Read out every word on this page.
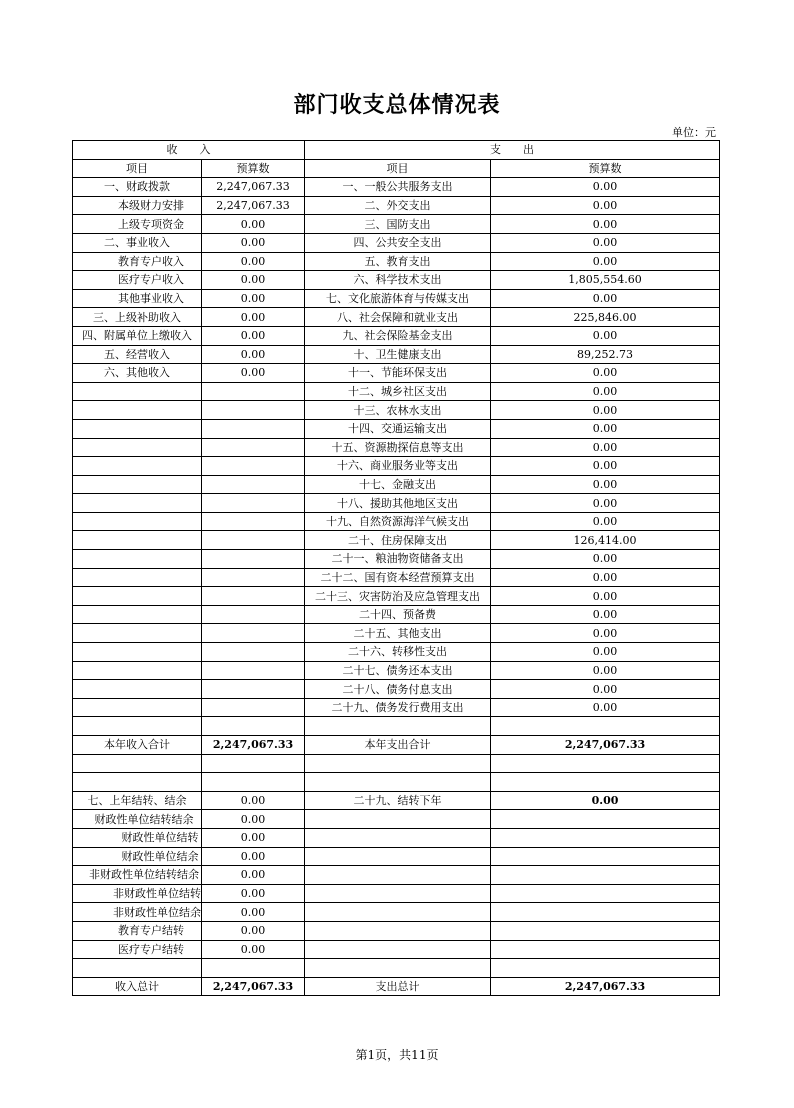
部门收支总体情况表
单位：元
收　　入		支　　出	
项目	预算数	项目	预算数
一、财政拨款	2,247,067.33	一、一般公共服务支出	0.00
本级财力安排	2,247,067.33	二、外交支出	0.00
上级专项资金	0.00	三、国防支出	0.00
二、事业收入	0.00	四、公共安全支出	0.00
教育专户收入	0.00	五、教育支出	0.00
医疗专户收入	0.00	六、科学技术支出	1,805,554.60
其他事业收入	0.00	七、文化旅游体育与传媒支出	0.00
三、上级补助收入	0.00	八、社会保障和就业支出	225,846.00
四、附属单位上缴收入	0.00	九、社会保险基金支出	0.00
五、经营收入	0.00	十、卫生健康支出	89,252.73
六、其他收入	0.00	十一、节能环保支出	0.00
		十二、城乡社区支出	0.00
		十三、农林水支出	0.00
		十四、交通运输支出	0.00
		十五、资源勘探信息等支出	0.00
		十六、商业服务业等支出	0.00
		十七、金融支出	0.00
		十八、援助其他地区支出	0.00
		十九、自然资源海洋气候支出	0.00
		二十、住房保障支出	126,414.00
		二十一、粮油物资储备支出	0.00
		二十二、国有资本经营预算支出	0.00
		二十三、灾害防治及应急管理支出	0.00
		二十四、预备费	0.00
		二十五、其他支出	0.00
		二十六、转移性支出	0.00
		二十七、债务还本支出	0.00
		二十八、债务付息支出	0.00
		二十九、债务发行费用支出	0.00

本年收入合计	2,247,067.33	本年支出合计	2,247,067.33

七、上年结转、结余	0.00	二十九、结转下年	0.00
财政性单位结转结余	0.00		
财政性单位结转	0.00		
财政性单位结余	0.00		
非财政性单位结转结余	0.00		
非财政性单位结转	0.00		
非财政性单位结余	0.00		
教育专户结转	0.00		
医疗专户结转	0.00		

收入总计	2,247,067.33	支出总计	2,247,067.33
第1页，共11页
